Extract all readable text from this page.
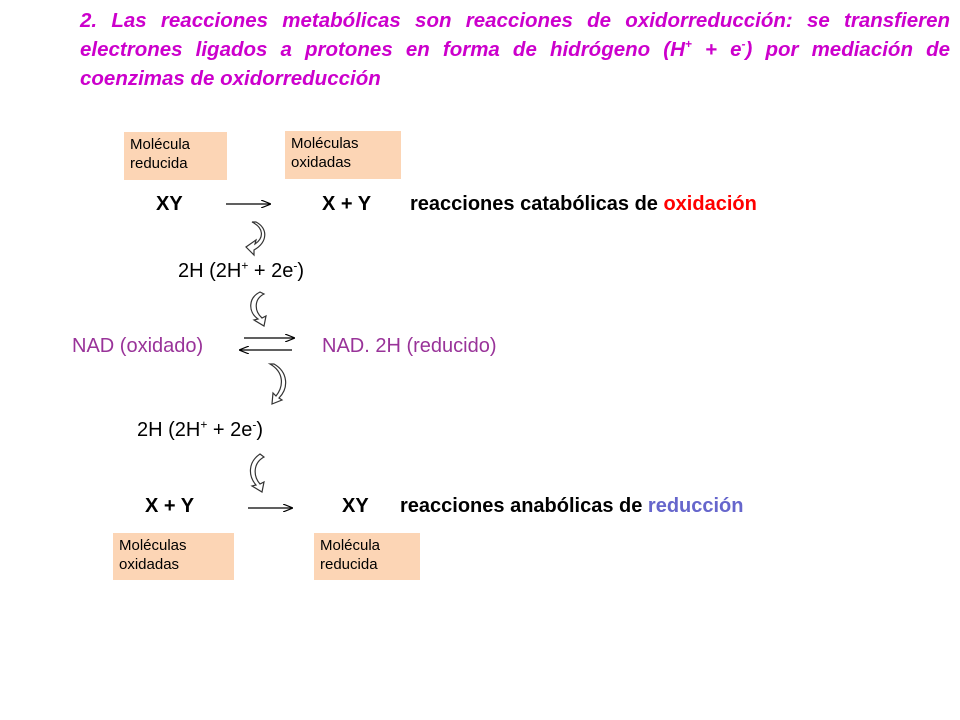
2. Las reacciones metabólicas son reacciones de oxidorreducción: se transfieren electrones ligados a protones en forma de hidrógeno (H+ + e-) por mediación de coenzimas de oxidorreducción
Molécula
reducida
Moléculas
oxidadas
XY	X + Y reacciones catabólicas de oxidación
2H (2H+ + 2e-)
NAD (oxidado)	NAD. 2H (reducido)
2H (2H+ + 2e-)
X + Y	XY reacciones anabólicas de reducción
Moléculas
oxidadas
Molécula
reducida
